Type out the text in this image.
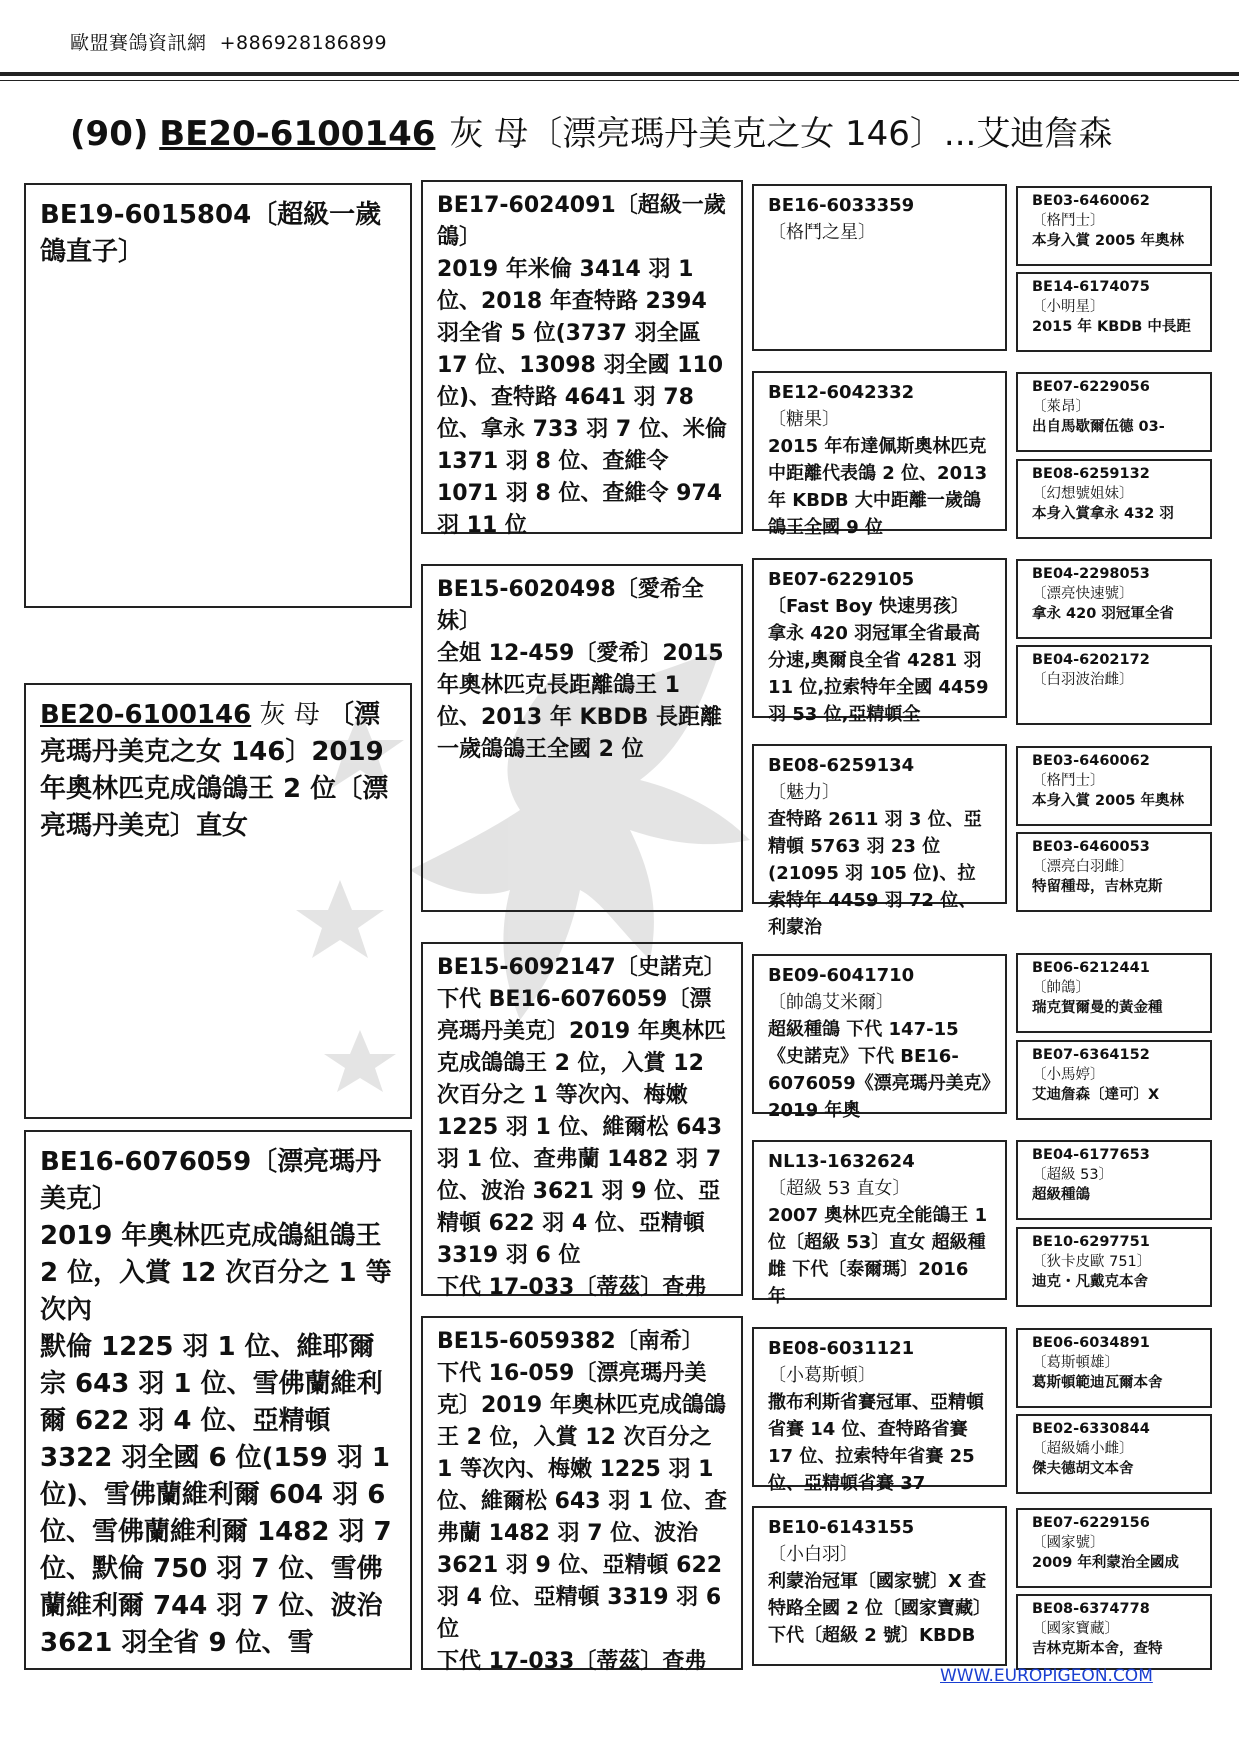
歐盟賽鴿資訊網 +886928186899
(90) BE20-6100146 灰 母〔漂亮瑪丹美克之女 146〕...艾迪詹森
BE19-6015804〔超級一歲鴿直子〕
BE20-6100146 灰 母 〔漂亮瑪丹美克之女 146〕2019 年奧林匹克成鴿鴿王 2 位〔漂亮瑪丹美克〕直女
BE16-6076059〔漂亮瑪丹美克〕
2019 年奧林匹克成鴿組鴿王 2 位，入賞 12 次百分之 1 等次內
默倫 1225 羽 1 位、維耶爾宗 643 羽 1 位、雪佛蘭維利爾 622 羽 4 位、亞精頓 3322 羽全國 6 位(159 羽 1 位)、雪佛蘭維利爾 604 羽 6 位、雪佛蘭維利爾 1482 羽 7 位、默倫 750 羽 7 位、雪佛蘭維利爾 744 羽 7 位、波治 3621 羽全省 9 位、雪
BE17-6024091〔超級一歲鴿〕
2019 年米倫 3414 羽 1 位、2018 年查特路 2394 羽全省 5 位(3737 羽全區 17 位、13098 羽全國 110 位)、查特路 4641 羽 78 位、拿永 733 羽 7 位、米倫 1371 羽 8 位、查維令 1071 羽 8 位、查維令 974 羽 11 位
BE15-6020498〔愛希全妹〕
全姐 12-459〔愛希〕2015 年奧林匹克長距離鴿王 1 位、2013 年 KBDB 長距離一歲鴿鴿王全國 2 位
BE15-6092147〔史諾克〕
下代 BE16-6076059〔漂亮瑪丹美克〕2019 年奧林匹克成鴿鴿王 2 位，入賞 12 次百分之 1 等次內、梅嫩 1225 羽 1 位、維爾松 643 羽 1 位、查弗蘭 1482 羽 7 位、波治 3621 羽 9 位、亞精頓 622 羽 4 位、亞精頓 3319 羽 6 位
下代 17-033〔蒂茲〕查弗
BE15-6059382〔南希〕
下代 16-059〔漂亮瑪丹美克〕2019 年奧林匹克成鴿鴿王 2 位，入賞 12 次百分之 1 等次內、梅嫩 1225 羽 1 位、維爾松 643 羽 1 位、查弗蘭 1482 羽 7 位、波治 3621 羽 9 位、亞精頓 622 羽 4 位、亞精頓 3319 羽 6 位
下代 17-033〔蒂茲〕查弗
BE16-6033359
〔格鬥之星〕
BE12-6042332
〔糖果〕
2015 年布達佩斯奧林匹克中距離代表鴿 2 位、2013 年 KBDB 大中距離一歲鴿鴿王全國 9 位
BE07-6229105
〔Fast Boy 快速男孩〕
拿永 420 羽冠軍全省最高分速,奧爾良全省 4281 羽 11 位,拉索特年全國 4459 羽 53 位,亞精頓全
BE08-6259134
〔魅力〕
查特路 2611 羽 3 位、亞精頓 5763 羽 23 位(21095 羽 105 位)、拉索特年 4459 羽 72 位、利蒙治
BE09-6041710
〔帥鴿艾米爾〕
超級種鴿 下代 147-15《史諾克》下代 BE16-6076059《漂亮瑪丹美克》2019 年奧
NL13-1632624
〔超級 53 直女〕
2007 奧林匹克全能鴿王 1 位〔超級 53〕直女 超級種雌 下代〔泰爾瑪〕2016 年
BE08-6031121
〔小葛斯頓〕
撒布利斯省賽冠軍、亞精頓省賽 14 位、查特路省賽 17 位、拉索特年省賽 25 位、亞精頓省賽 37
BE10-6143155
〔小白羽〕
利蒙治冠軍〔國家號〕X 查特路全國 2 位〔國家寶藏〕下代〔超級 2 號〕KBDB
BE03-6460062
〔格鬥士〕
本身入賞 2005 年奧林
BE14-6174075
〔小明星〕
2015 年 KBDB 中長距
BE07-6229056
〔萊昂〕
出自馬歇爾伍德 03-
BE08-6259132
〔幻想號姐妹〕
本身入賞拿永 432 羽
BE04-2298053
〔漂亮快速號〕
拿永 420 羽冠軍全省
BE04-6202172
〔白羽波治雌〕
BE03-6460062
〔格鬥士〕
本身入賞 2005 年奧林
BE03-6460053
〔漂亮白羽雌〕
特留種母，吉林克斯
BE06-6212441
〔帥鴿〕
瑞克賀爾曼的黃金種
BE07-6364152
〔小馬婷〕
艾迪詹森〔達可〕X
BE04-6177653
〔超級 53〕
超級種鴿
BE10-6297751
〔狄卡皮歐 751〕
迪克・凡戴克本舍
BE06-6034891
〔葛斯頓雄〕
葛斯頓範迪瓦爾本舍
BE02-6330844
〔超級嬌小雌〕
傑夫德胡文本舍
BE07-6229156
〔國家號〕
2009 年利蒙治全國成
BE08-6374778
〔國家寶藏〕
吉林克斯本舍，查特
WWW.EUROPIGEON.COM
